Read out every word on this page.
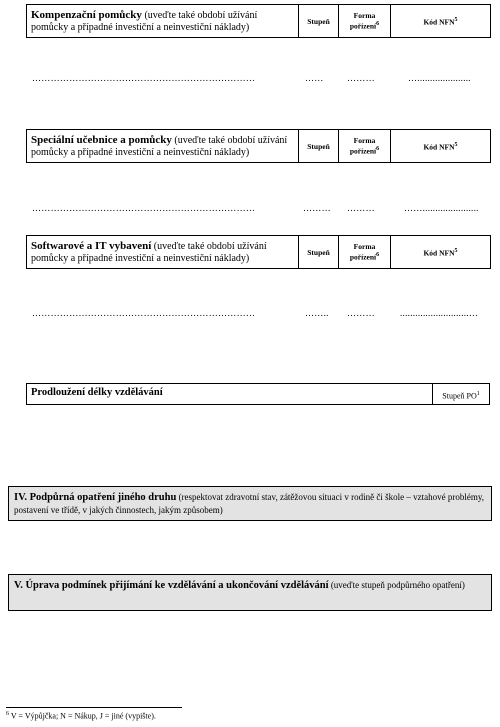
Kompenzační pomůcky (uveďte také období užívání pomůcky a případné investiční a neinvestiční náklady)	Stupeň	Forma pořízení$^6$	Kód NFN$^5$
………………………………………………………………	……	………	….....................
Speciální učebnice a pomůcky (uveďte také období užívání pomůcky a případné investiční a neinvestiční náklady)	Stupeň	Forma pořízení$^6$	Kód NFN$^5$
………………………………………………………………	……… ………	……......................
Softwarové a IT vybavení (uveďte také období užívání pomůcky a případné investiční a neinvestiční náklady)	Stupeň	Forma pořízení$^6$	Kód NFN$^5$
………………………………………………………………	…….. ………	...........................…
Prodloužení délky vzdělávání	Stupeň $PO^1$
IV. Podpůrná opatření jiného druhu (respektovat zdravotní stav, zátěžovou situaci v rodině či škole – vztahové problémy, postavení ve třídě, v jakých činnostech, jakým způsobem)
V. Úprava podmínek přijímání ke vzdělávání a ukončování vzdělávání (uveďte stupeň podpůrného opatření)
$^6$ V = Výpůjčka; N = Nákup, J = jiné (vypište).
